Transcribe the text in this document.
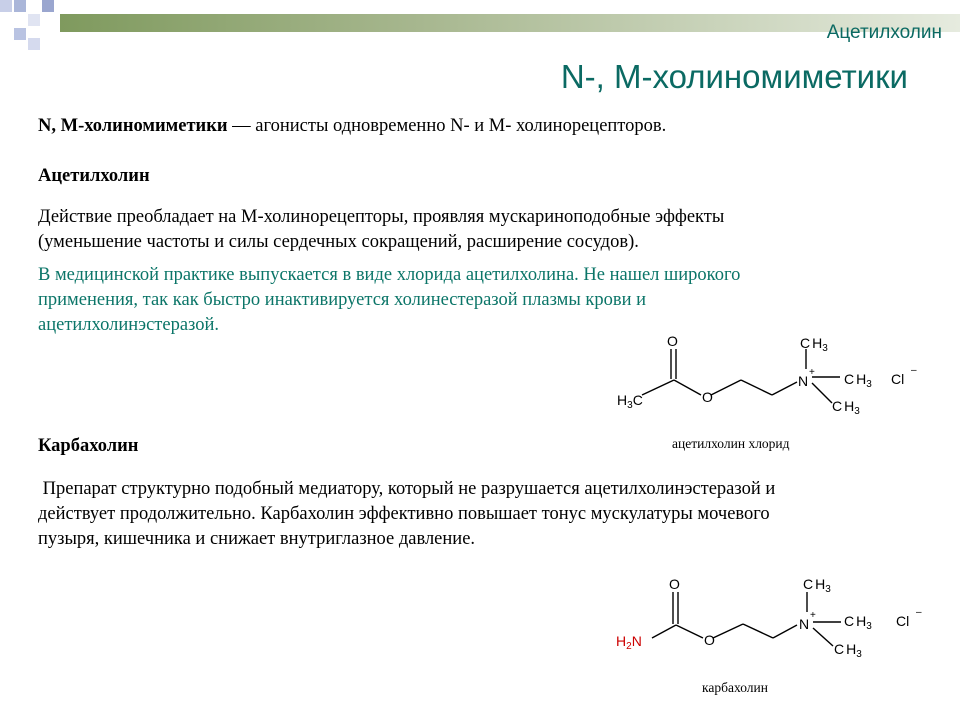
Ацетилхолин
N-, М-холиномиметики
N, М-холиномиметики — агонисты одновременно N- и М- холинорецепторов.
Ацетилхолин
Действие преобладает на М-холинорецепторы, проявляя мускариноподобные эффекты
(уменьшение частоты и силы сердечных сокращений, расширение сосудов).
В медицинской практике выпускается в виде хлорида ацетилхолина. Не нашел широкого
применения, так как быстро инактивируется холинестеразой плазмы крови и
ацетилхолинэстеразой.
O
$H_3C$	O
N
+
C $H_3$
C $H_3$
C $H_3$
Cl
–
ацетилхолин хлорид
Карбахолин
Препарат структурно подобный медиатору, который не разрушается ацетилхолинэстеразой и
действует продолжительно. Карбахолин эффективно повышает тонус мускулатуры мочевого
пузыря, кишечника и снижает внутриглазное давление.
O
$H_2N$	O
N
+
C $H_3$
C $H_3$
C $H_3$
Cl
–
карбахолин
